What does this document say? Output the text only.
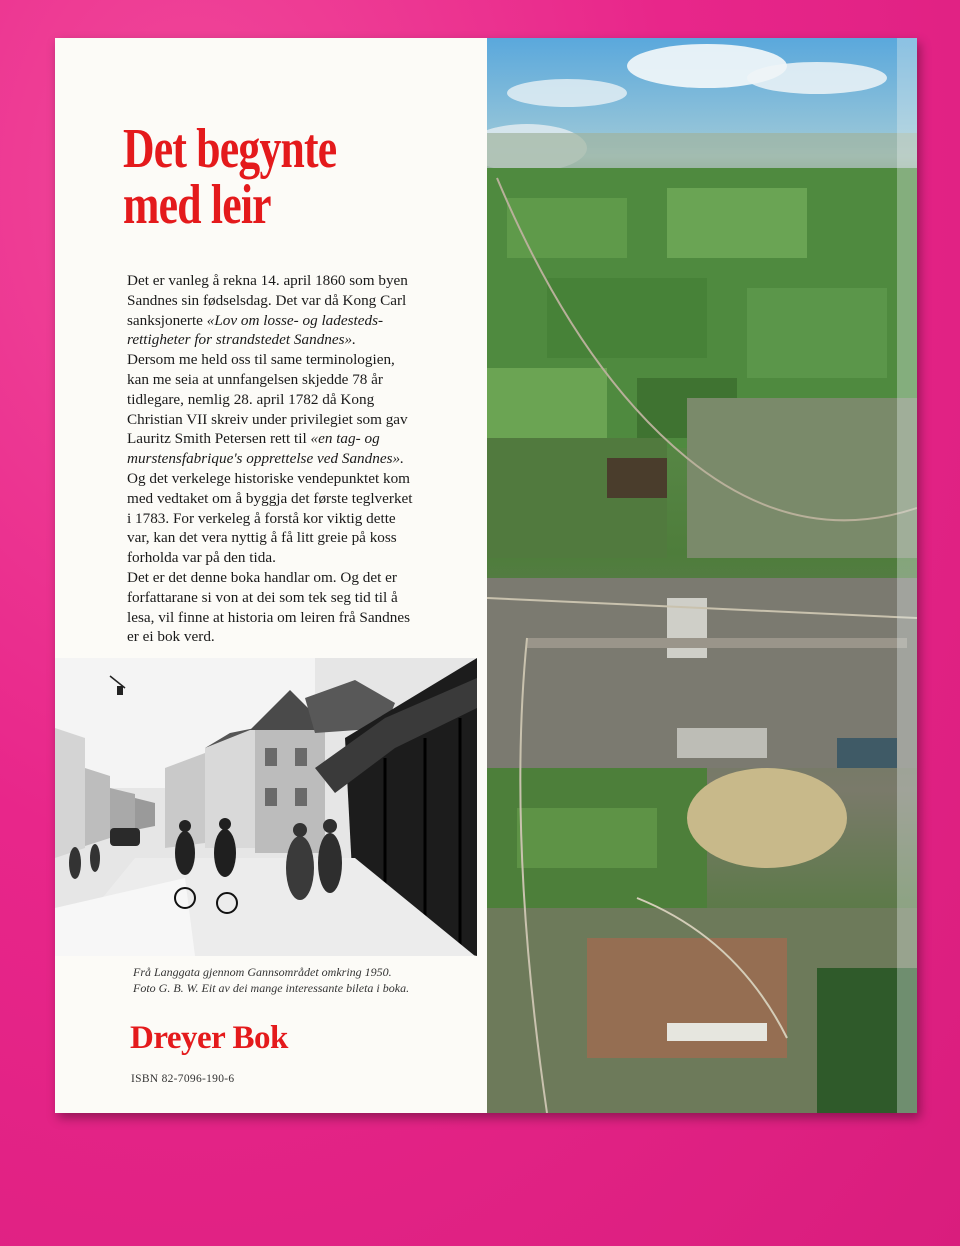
Det begynte
med leir
Det er vanleg å rekna 14. april 1860 som byen
Sandnes sin fødselsdag. Det var då Kong Carl
sanksjonerte «Lov om losse- og ladesteds-
rettigheter for strandstedet Sandnes».
Dersom me held oss til same terminologien,
kan me seia at unnfangelsen skjedde 78 år
tidlegare, nemlig 28. april 1782 då Kong
Christian VII skreiv under privilegiet som gav
Lauritz Smith Petersen rett til «en tag- og
murstensfabrique's opprettelse ved Sandnes».
Og det verkelege historiske vendepunktet kom
med vedtaket om å byggja det første teglverket
i 1783. For verkeleg å forstå kor viktig dette
var, kan det vera nyttig å få litt greie på koss
forholda var på den tida.
Det er det denne boka handlar om. Og det er
forfattarane si von at dei som tek seg tid til å
lesa, vil finne at historia om leiren frå Sandnes
er ei bok verd.
Frå Langgata gjennom Gannsområdet omkring 1950.
Foto G. B. W. Eit av dei mange interessante bileta i boka.
Dreyer Bok
ISBN 82-7096-190-6
